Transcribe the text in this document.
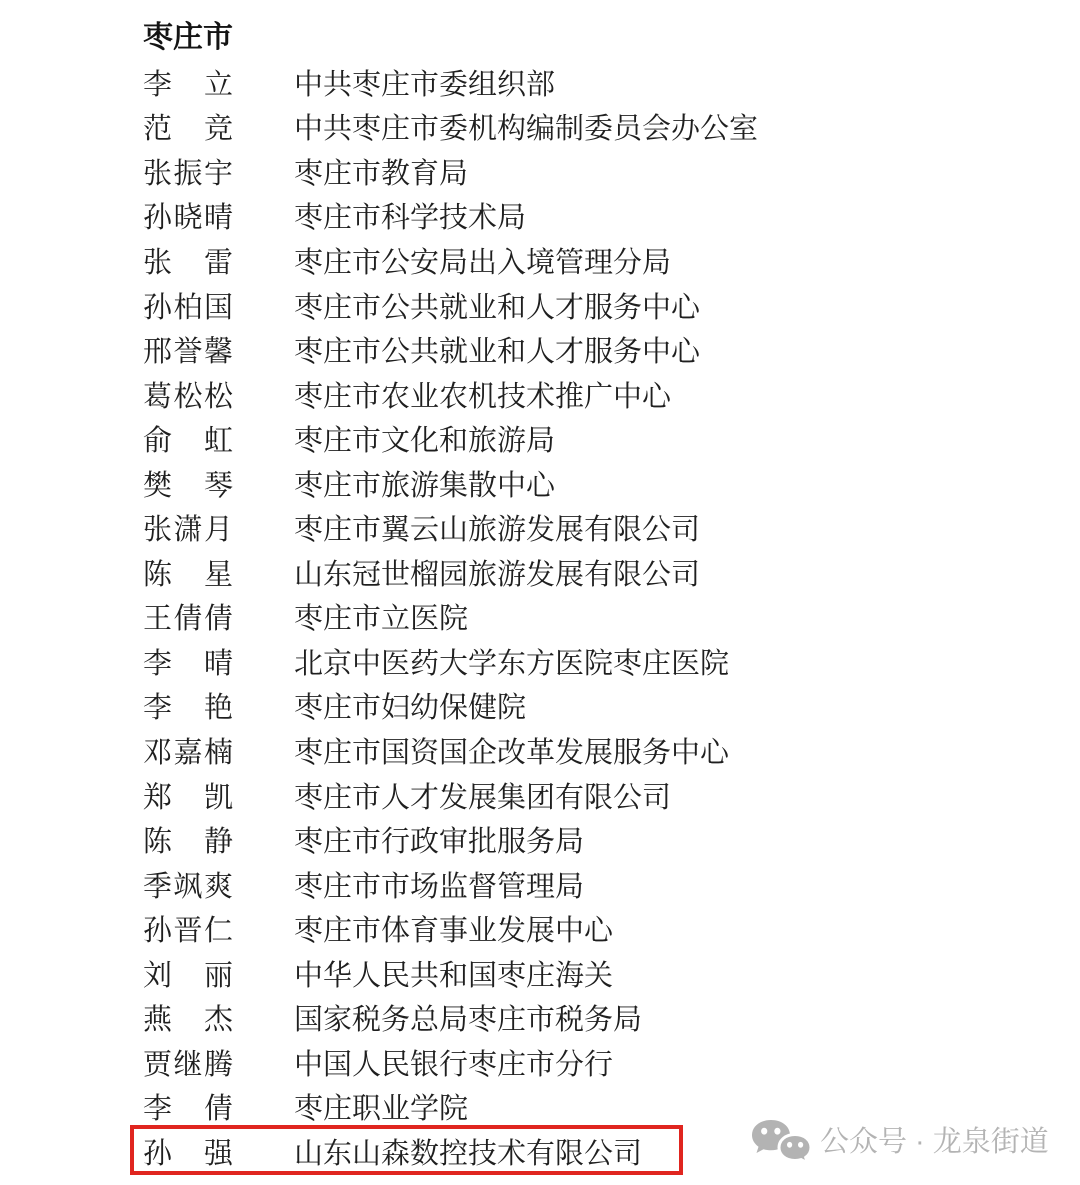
枣庄市
李立 中共枣庄市委组织部
范竞 中共枣庄市委机构编制委员会办公室
张振宇 枣庄市教育局
孙晓晴 枣庄市科学技术局
张雷 枣庄市公安局出入境管理分局
孙柏国 枣庄市公共就业和人才服务中心
邢誉馨 枣庄市公共就业和人才服务中心
葛松松 枣庄市农业农机技术推广中心
俞虹 枣庄市文化和旅游局
樊琴 枣庄市旅游集散中心
张潇月 枣庄市翼云山旅游发展有限公司
陈星 山东冠世榴园旅游发展有限公司
王倩倩 枣庄市立医院
李晴 北京中医药大学东方医院枣庄医院
李艳 枣庄市妇幼保健院
邓嘉楠 枣庄市国资国企改革发展服务中心
郑凯 枣庄市人才发展集团有限公司
陈静 枣庄市行政审批服务局
季飒爽 枣庄市市场监督管理局
孙晋仁 枣庄市体育事业发展中心
刘丽 中华人民共和国枣庄海关
燕杰 国家税务总局枣庄市税务局
贾继腾 中国人民银行枣庄市分行
李倩 枣庄职业学院
孙强 山东山森数控技术有限公司	公众号 · 龙泉街道
